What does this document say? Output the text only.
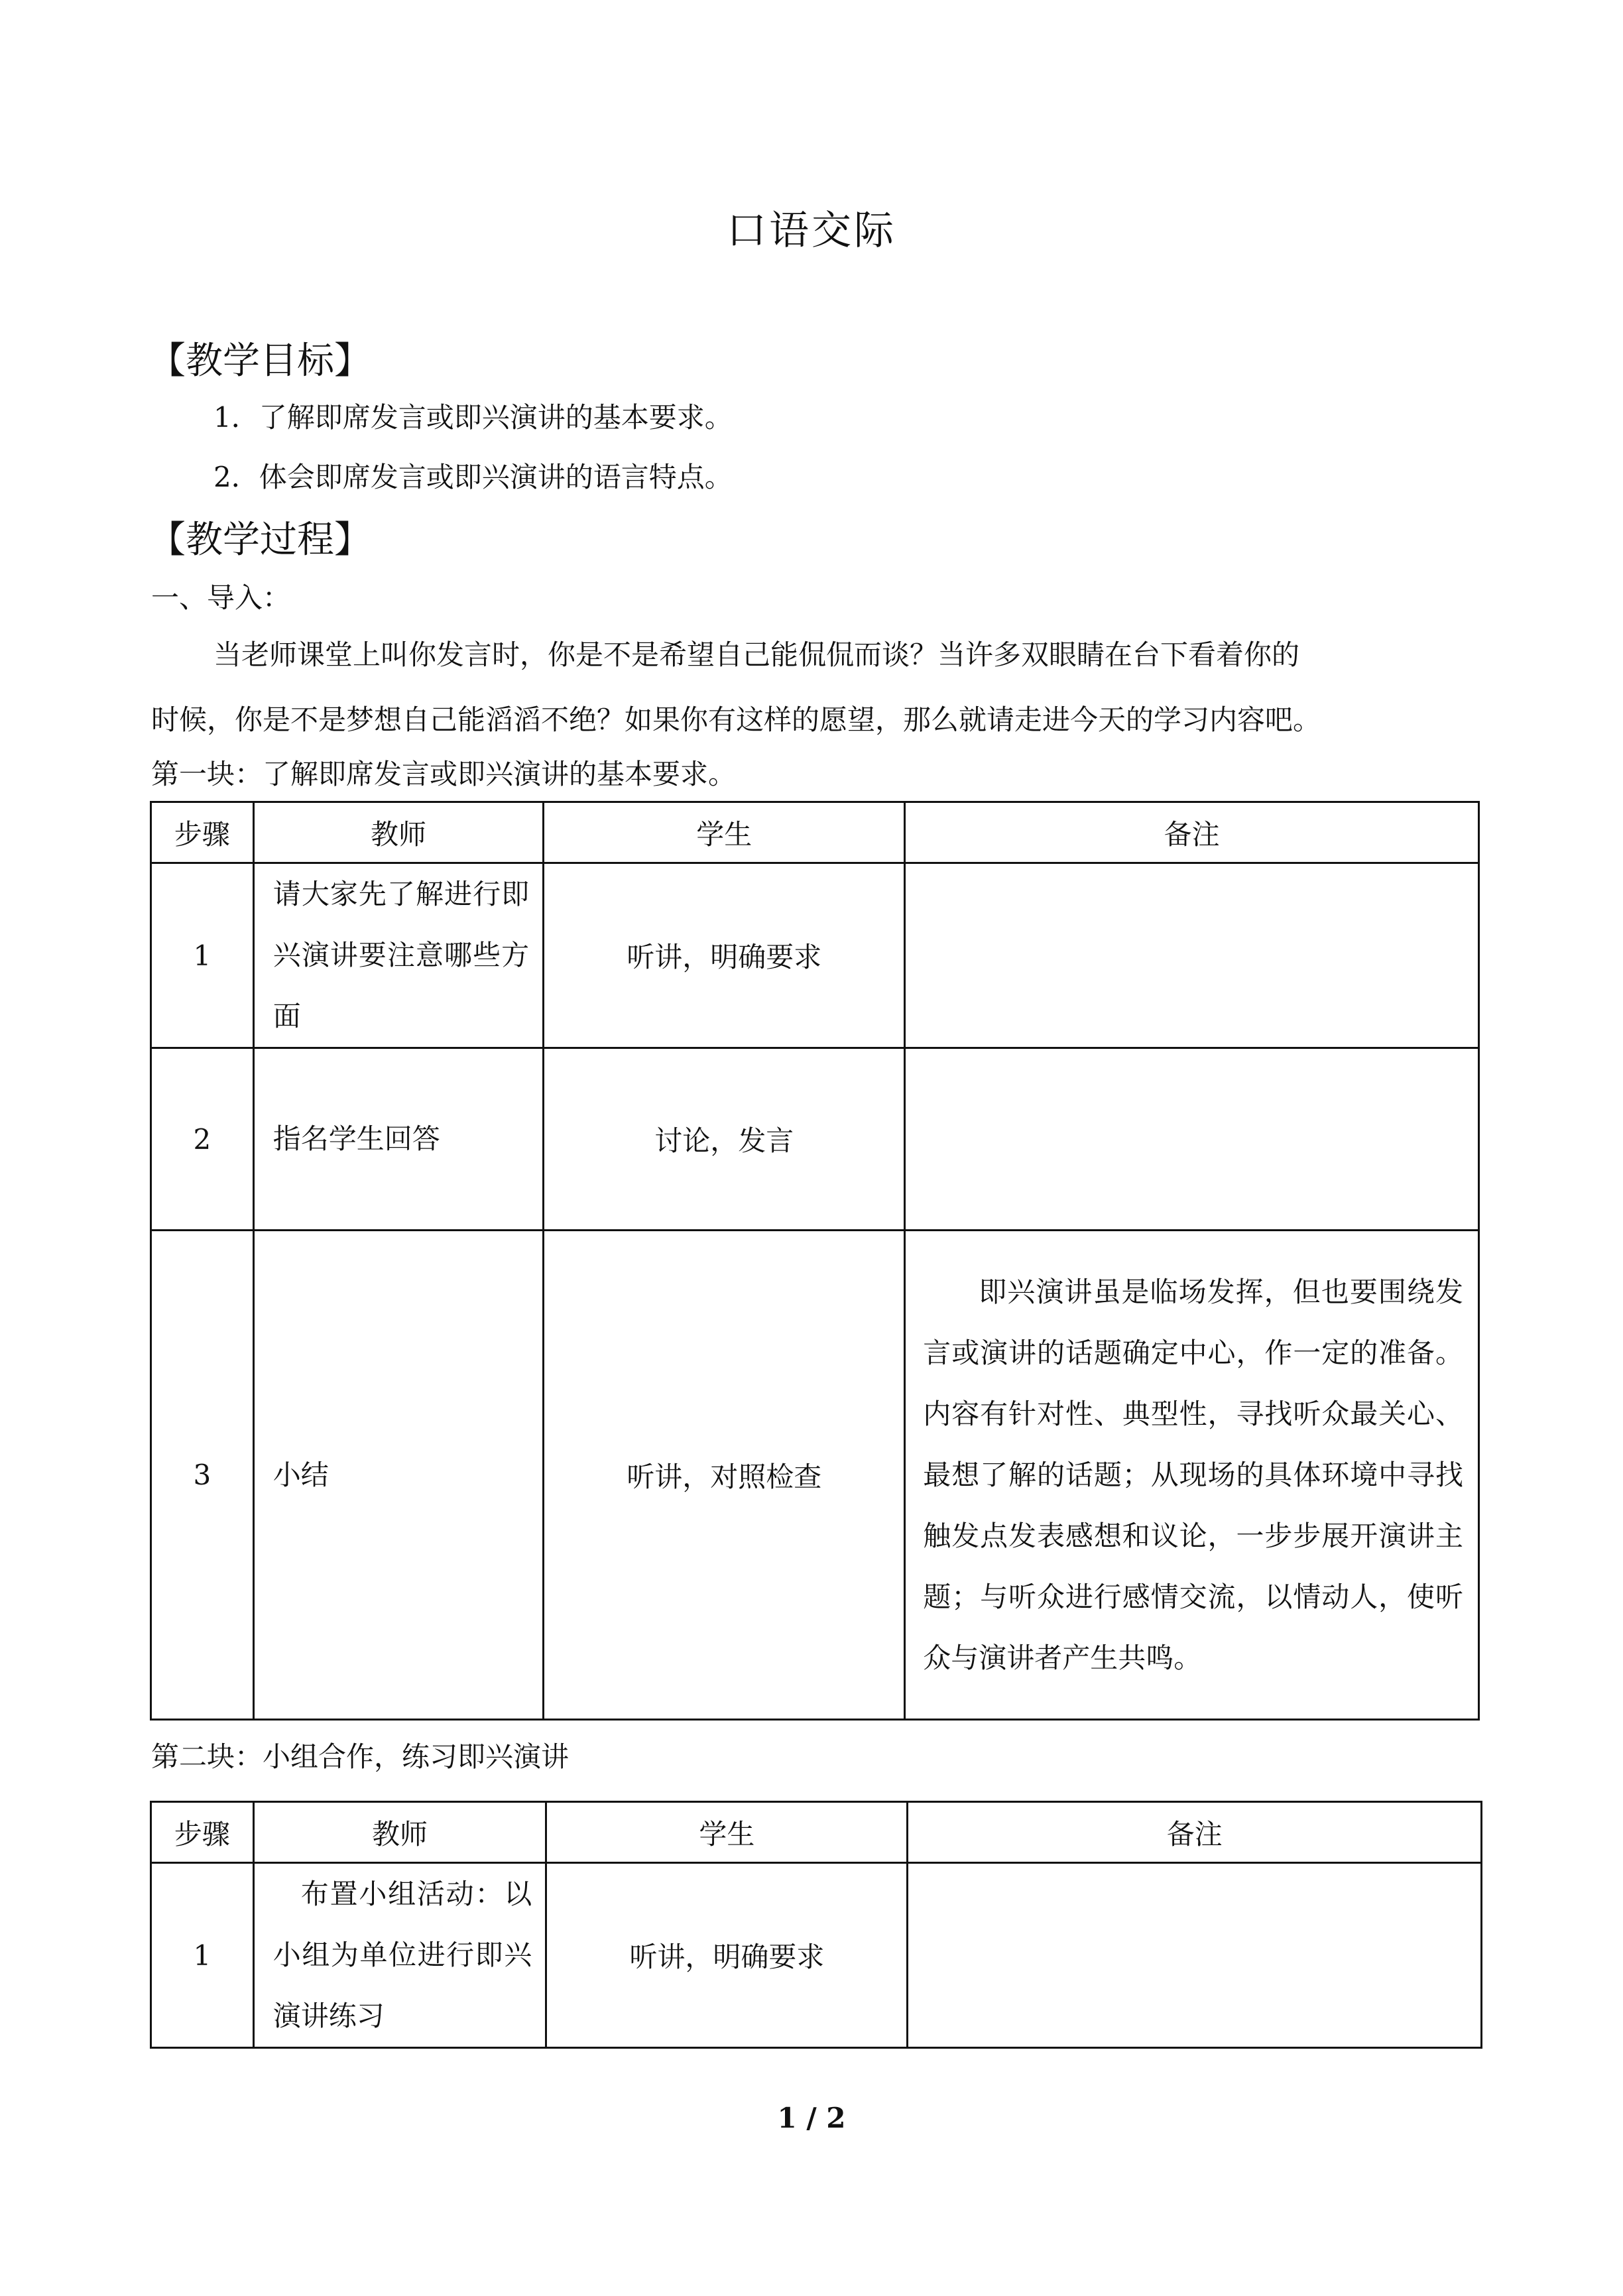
口语交际
【教学目标】
1．了解即席发言或即兴演讲的基本要求。
2．体会即席发言或即兴演讲的语言特点。
【教学过程】
一、导入：
当老师课堂上叫你发言时，你是不是希望自己能侃侃而谈？当许多双眼睛在台下看着你的
时候，你是不是梦想自己能滔滔不绝？如果你有这样的愿望，那么就请走进今天的学习内容吧。
第一块：了解即席发言或即兴演讲的基本要求。
步骤	教师	学生	备注
1	请大家先了解进行即兴演讲要注意哪些方面	听讲，明确要求	
2	指名学生回答	讨论，发言	
3	小结	听讲，对照检查	即兴演讲虽是临场发挥，但也要围绕发言或演讲的话题确定中心，作一定的准备。内容有针对性、典型性，寻找听众最关心、最想了解的话题；从现场的具体环境中寻找触发点发表感想和议论，一步步展开演讲主题；与听众进行感情交流，以情动人，使听众与演讲者产生共鸣。
第二块：小组合作，练习即兴演讲
步骤	教师	学生	备注
1	布置小组活动：以小组为单位进行即兴演讲练习	听讲，明确要求	
1 / 2
